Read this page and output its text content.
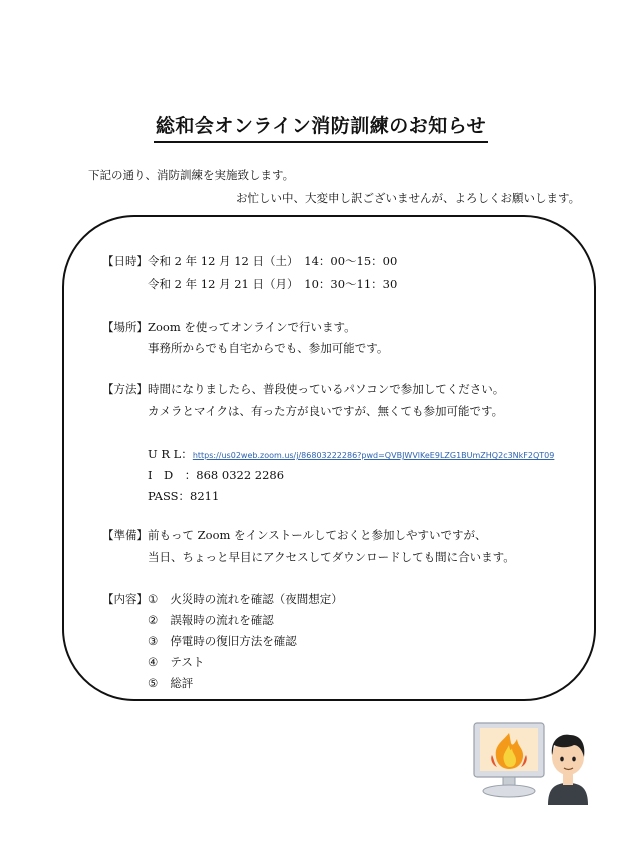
総和会オンライン消防訓練のお知らせ
下記の通り、消防訓練を実施致します。
お忙しい中、大変申し訳ございませんが、よろしくお願いします。
【日時】 令和 2 年 12 月 12 日（土）　14：00〜15：00
令和 2 年 12 月 21 日（月）　10：30〜11：30
【場所】 Zoom を使ってオンラインで行います。
事務所からでも自宅からでも、参加可能です。
【方法】 時間になりましたら、普段使っているパソコンで参加してください。
カメラとマイクは、有った方が良いですが、無くても参加可能です。
U R L：https://us02web.zoom.us/j/86803222286?pwd=QVBJWVlKeE9LZG1BUmZHQ2c3NkF2QT09
I　D　：868 0322 2286
PASS：8211
【準備】 前もって Zoom をインストールしておくと参加しやすいですが、
当日、ちょっと早目にアクセスしてダウンロードしても間に合います。
【内容】 ① 火災時の流れを確認（夜間想定）
② 誤報時の流れを確認
③ 停電時の復旧方法を確認
④ テスト
⑤ 総評
